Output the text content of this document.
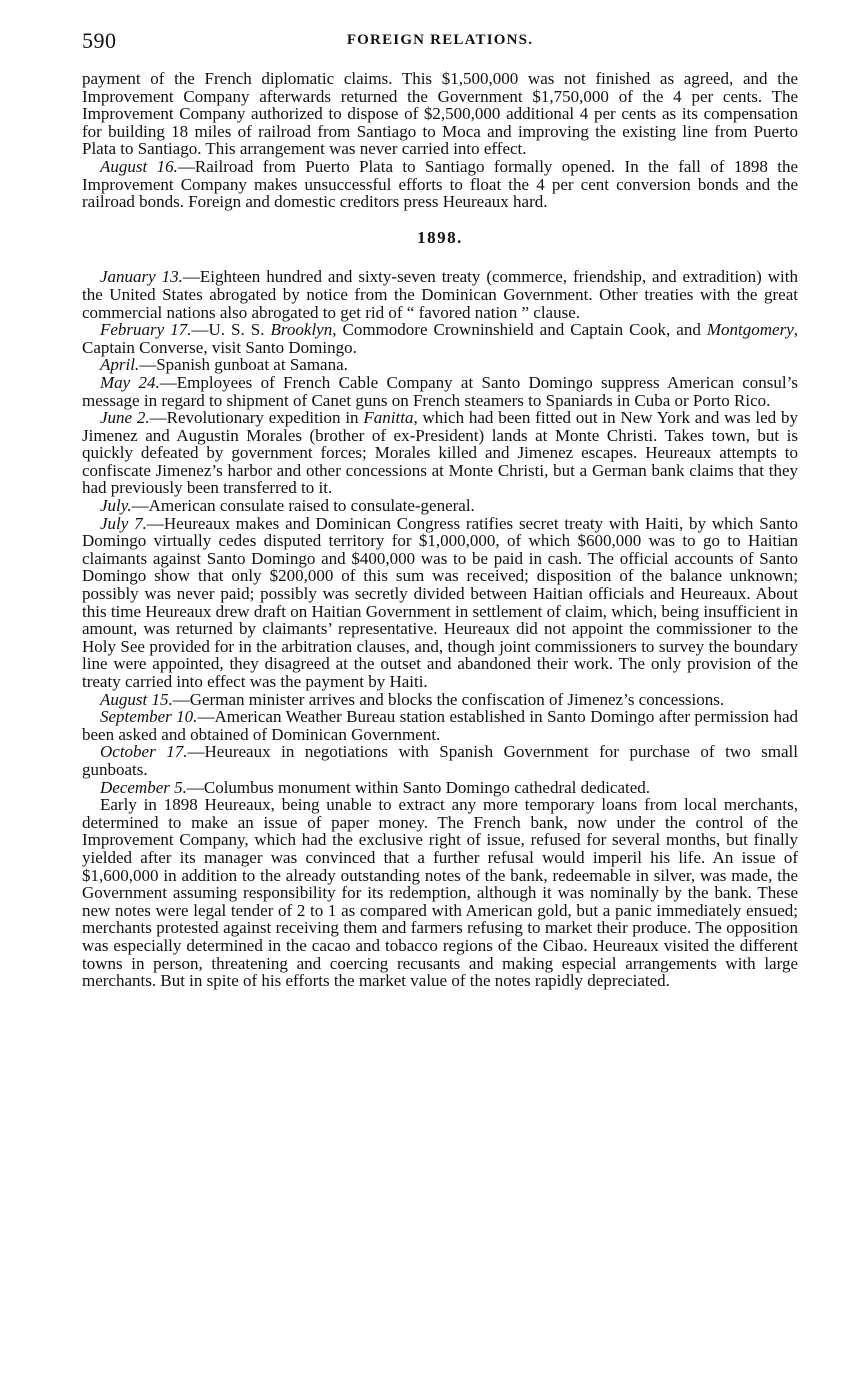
590	FOREIGN RELATIONS.

payment of the French diplomatic claims. This $1,500,000 was not finished as agreed, and the Improvement Company afterwards returned the Government $1,750,000 of the 4 per cents. The Improvement Company authorized to dispose of $2,500,000 additional 4 per cents as its compensation for building 18 miles of railroad from Santiago to Moca and improving the existing line from Puerto Plata to Santiago. This arrangement was never carried into effect.

August 16.—Railroad from Puerto Plata to Santiago formally opened. In the fall of 1898 the Improvement Company makes unsuccessful efforts to float the 4 per cent conversion bonds and the railroad bonds. Foreign and domestic creditors press Heureaux hard.

1898.

January 13.—Eighteen hundred and sixty-seven treaty (commerce, friendship, and extradition) with the United States abrogated by notice from the Dominican Government. Other treaties with the great commercial nations also abrogated to get rid of “ favored nation ” clause.

February 17.—U. S. S. Brooklyn, Commodore Crowninshield and Captain Cook, and Montgomery, Captain Converse, visit Santo Domingo.

April.—Spanish gunboat at Samana.

May 24.—Employees of French Cable Company at Santo Domingo suppress American consul’s message in regard to shipment of Canet guns on French steamers to Spaniards in Cuba or Porto Rico.

June 2.—Revolutionary expedition in Fanitta, which had been fitted out in New York and was led by Jimenez and Augustin Morales (brother of ex-President) lands at Monte Christi. Takes town, but is quickly defeated by government forces; Morales killed and Jimenez escapes. Heureaux attempts to confiscate Jimenez’s harbor and other concessions at Monte Christi, but a German bank claims that they had previously been transferred to it.

July.—American consulate raised to consulate-general.

July 7.—Heureaux makes and Dominican Congress ratifies secret treaty with Haiti, by which Santo Domingo virtually cedes disputed territory for $1,000,000, of which $600,000 was to go to Haitian claimants against Santo Domingo and $400,000 was to be paid in cash. The official accounts of Santo Domingo show that only $200,000 of this sum was received; disposition of the balance unknown; possibly was never paid; possibly was secretly divided between Haitian officials and Heureaux. About this time Heureaux drew draft on Haitian Government in settlement of claim, which, being insufficient in amount, was returned by claimants’ representative. Heureaux did not appoint the commissioner to the Holy See provided for in the arbitration clauses, and, though joint commissioners to survey the boundary line were appointed, they disagreed at the outset and abandoned their work. The only provision of the treaty carried into effect was the payment by Haiti.

August 15.—German minister arrives and blocks the confiscation of Jimenez’s concessions.

September 10.—American Weather Bureau station established in Santo Domingo after permission had been asked and obtained of Dominican Government.

October 17.—Heureaux in negotiations with Spanish Government for purchase of two small gunboats.

December 5.—Columbus monument within Santo Domingo cathedral dedicated.

Early in 1898 Heureaux, being unable to extract any more temporary loans from local merchants, determined to make an issue of paper money. The French bank, now under the control of the Improvement Company, which had the exclusive right of issue, refused for several months, but finally yielded after its manager was convinced that a further refusal would imperil his life. An issue of $1,600,000 in addition to the already outstanding notes of the bank, redeemable in silver, was made, the Government assuming responsibility for its redemption, although it was nominally by the bank. These new notes were legal tender of 2 to 1 as compared with American gold, but a panic immediately ensued; merchants protested against receiving them and farmers refusing to market their produce. The opposition was especially determined in the cacao and tobacco regions of the Cibao. Heureaux visited the different towns in person, threatening and coercing recusants and making especial arrangements with large merchants. But in spite of his efforts the market value of the notes rapidly depreciated.
